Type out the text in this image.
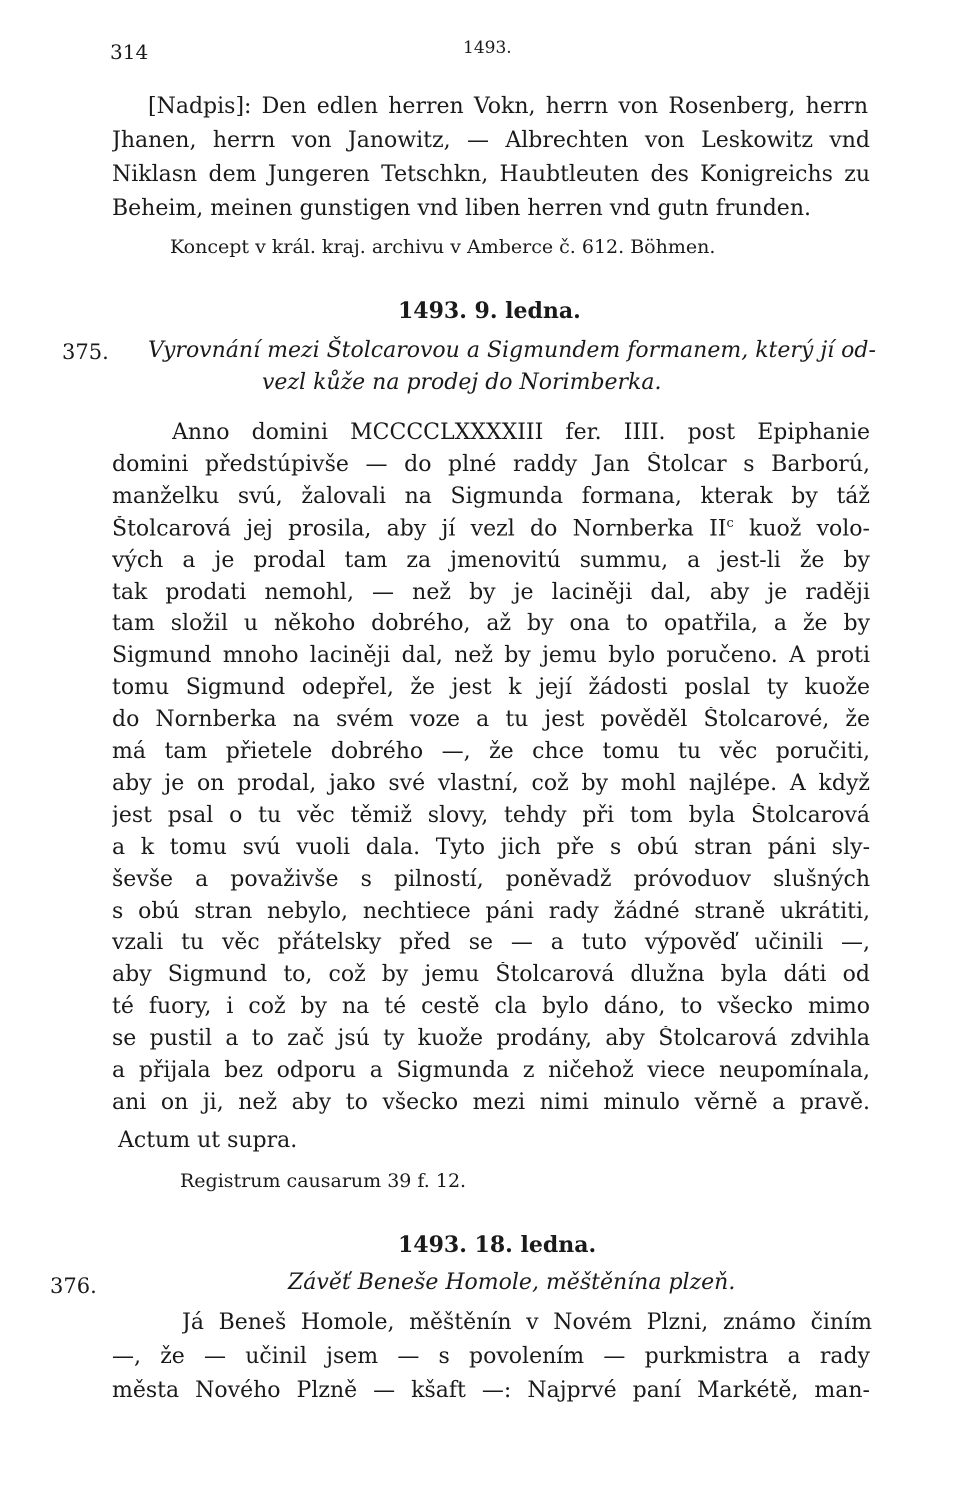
314	1493.
[Nadpis]: Den edlen herren Vokn, herrn von Rosenberg, herrn
Jhanen, herrn von Janowitz, — Albrechten von Leskowitz vnd
Niklasn dem Jungeren Tetschkn, Haubtleuten des Konigreichs zu
Beheim, meinen gunstigen vnd liben herren vnd gutn frunden.
Koncept v král. kraj. archivu v Amberce č. 612. Böhmen.
1493. 9. ledna.
375. Vyrovnání mezi Štolcarovou a Sigmundem formanem, který jí od-
vezl kůže na prodej do Norimberka.
Anno domini MCCCCLXXXXIII fer. IIII. post Epiphanie
domini předstúpivše — do plné raddy Jan Štolcar s Barború,
manželku svú, žalovali na Sigmunda formana, kterak by táž
Štolcarová jej prosila, aby jí vezl do Nornberka $II^c$ kuož volo-
vých a je prodal tam za jmenovitú summu, a jest-li že by
tak prodati nemohl, — než by je laciněji dal, aby je raději
tam složil u někoho dobrého, až by ona to opatřila, a že by
Sigmund mnoho laciněji dal, než by jemu bylo poručeno. A proti
tomu Sigmund odepřel, že jest k její žádosti poslal ty kuože
do Nornberka na svém voze a tu jest pověděl Štolcarové, že
má tam přietele dobrého —, že chce tomu tu věc poručiti,
aby je on prodal, jako své vlastní, což by mohl najlépe. A když
jest psal o tu věc těmiž slovy, tehdy při tom byla Štolcarová
a k tomu svú vuoli dala. Tyto jich pře s obú stran páni sly-
ševše a považivše s pilností, poněvadž próvoduov slušných
s obú stran nebylo, nechtiece páni rady žádné straně ukrátiti,
vzali tu věc přátelsky před se — a tuto výpověď učinili —,
aby Sigmund to, což by jemu Štolcarová dlužna byla dáti od
té fuory, i což by na té cestě cla bylo dáno, to všecko mimo
se pustil a to zač jsú ty kuože prodány, aby Štolcarová zdvihla
a přijala bez odporu a Sigmunda z ničehož viece neupomínala,
ani on ji, než aby to všecko mezi nimi minulo věrně a pravě.
Actum ut supra.
Registrum causarum 39 f. 12.
1493. 18. ledna.
376.	Závěť Beneše Homole, měštěnína plzeň.
Já Beneš Homole, měštěnín v Novém Plzni, známo činím
—, že — učinil jsem — s povolením — purkmistra a rady
města Nového Plzně — kšaft —: Najprvé paní Markétě, man-
